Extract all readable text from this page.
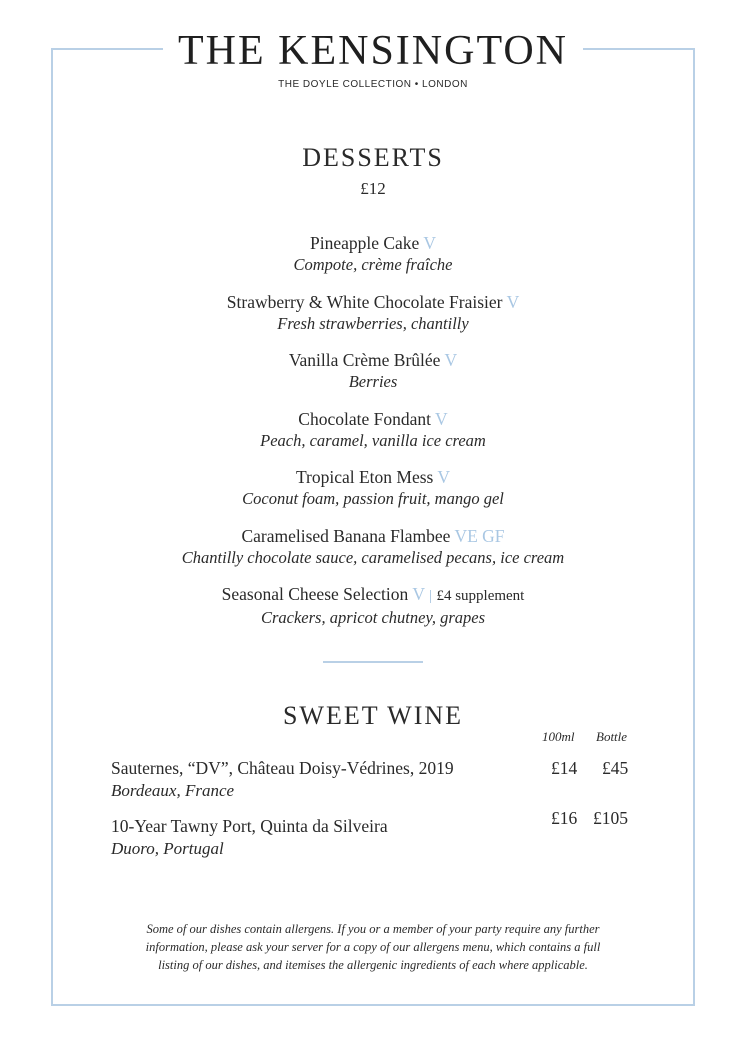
THE KENSINGTON
THE DOYLE COLLECTION • LONDON
DESSERTS
£12
Pineapple Cake V
Compote, crème fraîche
Strawberry & White Chocolate Fraisier V
Fresh strawberries, chantilly
Vanilla Crème Brûlée V
Berries
Chocolate Fondant V
Peach, caramel, vanilla ice cream
Tropical Eton Mess V
Coconut foam, passion fruit, mango gel
Caramelised Banana Flambee VE GF
Chantilly chocolate sauce, caramelised pecans, ice cream
Seasonal Cheese Selection V | £4 supplement
Crackers, apricot chutney, grapes
SWEET WINE
100ml Bottle
Sauternes, “DV”, Château Doisy-Védrines, 2019
Bordeaux, France
£14 £45
10-Year Tawny Port, Quinta da Silveira
Duoro, Portugal
£16 £105
Some of our dishes contain allergens. If you or a member of your party require any further
information, please ask your server for a copy of our allergens menu, which contains a full
listing of our dishes, and itemises the allergenic ingredients of each where applicable.
